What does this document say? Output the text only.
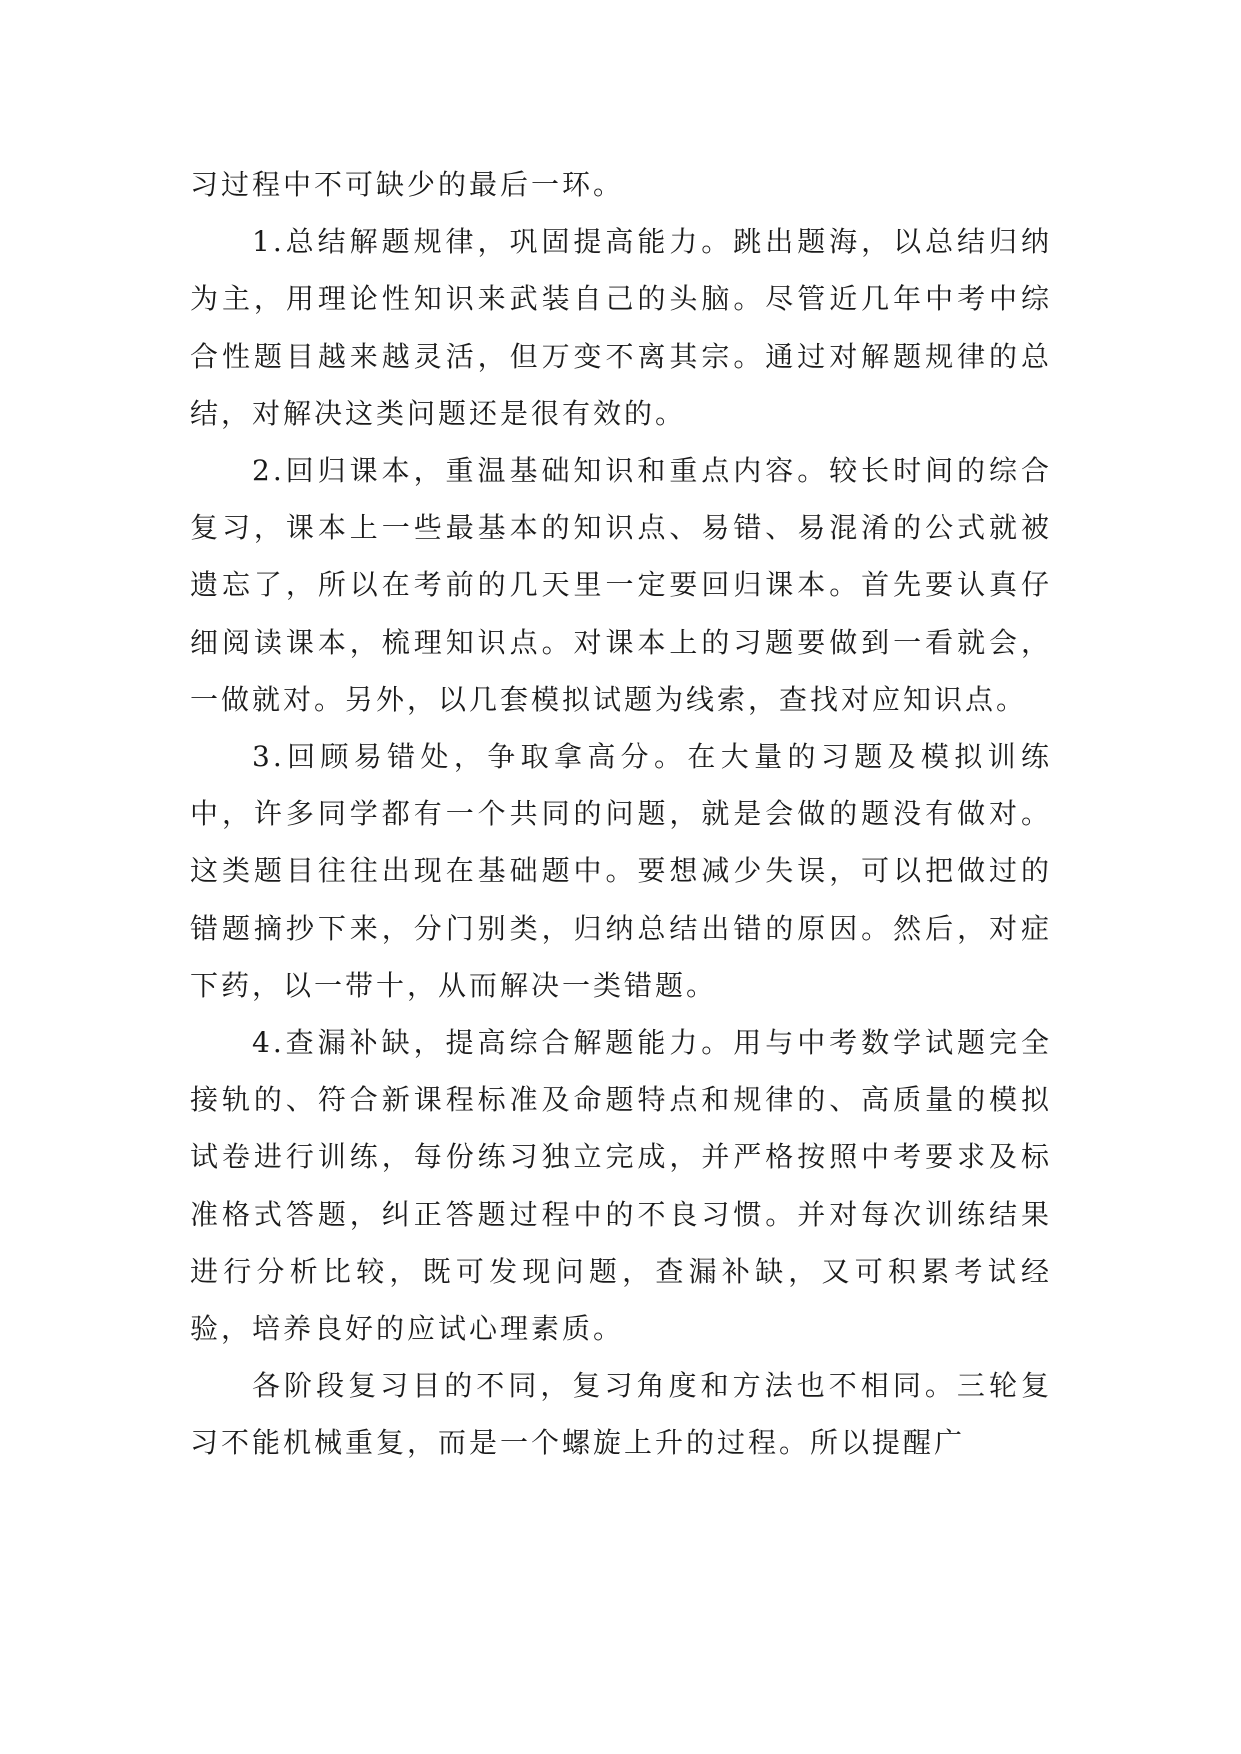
习过程中不可缺少的最后一环。

1.总结解题规律，巩固提高能力。跳出题海，以总结归纳为主，用理论性知识来武装自己的头脑。尽管近几年中考中综合性题目越来越灵活，但万变不离其宗。通过对解题规律的总结，对解决这类问题还是很有效的。

2.回归课本，重温基础知识和重点内容。较长时间的综合复习，课本上一些最基本的知识点、易错、易混淆的公式就被遗忘了，所以在考前的几天里一定要回归课本。首先要认真仔细阅读课本，梳理知识点。对课本上的习题要做到一看就会，一做就对。另外，以几套模拟试题为线索，查找对应知识点。

3.回顾易错处，争取拿高分。在大量的习题及模拟训练中，许多同学都有一个共同的问题，就是会做的题没有做对。这类题目往往出现在基础题中。要想减少失误，可以把做过的错题摘抄下来，分门别类，归纳总结出错的原因。然后，对症下药，以一带十，从而解决一类错题。

4.查漏补缺，提高综合解题能力。用与中考数学试题完全接轨的、符合新课程标准及命题特点和规律的、高质量的模拟试卷进行训练，每份练习独立完成，并严格按照中考要求及标准格式答题，纠正答题过程中的不良习惯。并对每次训练结果进行分析比较，既可发现问题，查漏补缺，又可积累考试经验，培养良好的应试心理素质。

各阶段复习目的不同，复习角度和方法也不相同。三轮复习不能机械重复，而是一个螺旋上升的过程。所以提醒广
